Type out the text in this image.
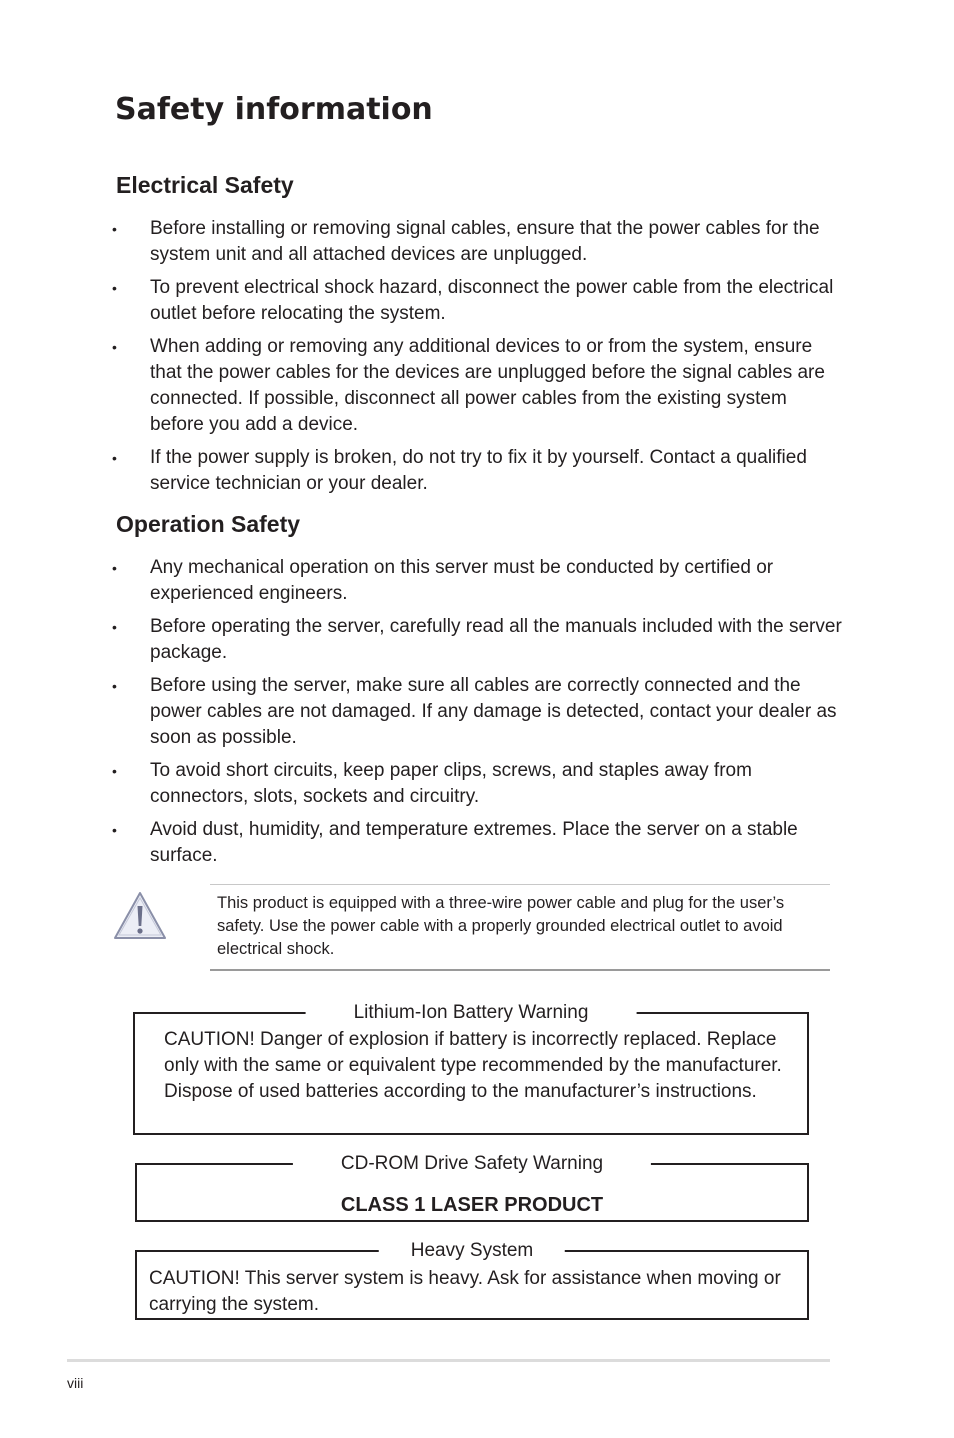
Safety information
Electrical Safety
• Before installing or removing signal cables, ensure that the power cables for the system unit and all attached devices are unplugged.
• To prevent electrical shock hazard, disconnect the power cable from the electrical outlet before relocating the system.
• When adding or removing any additional devices to or from the system, ensure that the power cables for the devices are unplugged before the signal cables are connected. If possible, disconnect all power cables from the existing system before you add a device.
• If the power supply is broken, do not try to fix it by yourself. Contact a qualified service technician or your dealer.
Operation Safety
• Any mechanical operation on this server must be conducted by certified or experienced engineers.
• Before operating the server, carefully read all the manuals included with the server package.
• Before using the server, make sure all cables are correctly connected and the power cables are not damaged. If any damage is detected, contact your dealer as soon as possible.
• To avoid short circuits, keep paper clips, screws, and staples away from connectors, slots, sockets and circuitry.
• Avoid dust, humidity, and temperature extremes. Place the server on a stable surface.

This product is equipped with a three-wire power cable and plug for the user’s safety. Use the power cable with a properly grounded electrical outlet to avoid electrical shock.

Lithium-Ion Battery Warning

CAUTION! Danger of explosion if battery is incorrectly replaced. Replace only with the same or equivalent type recommended by the manufacturer. Dispose of used batteries according to the manufacturer’s instructions.

CD-ROM Drive Safety Warning

CLASS 1 LASER PRODUCT

Heavy System

CAUTION! This server system is heavy. Ask for assistance when moving or carrying the system.

viii
